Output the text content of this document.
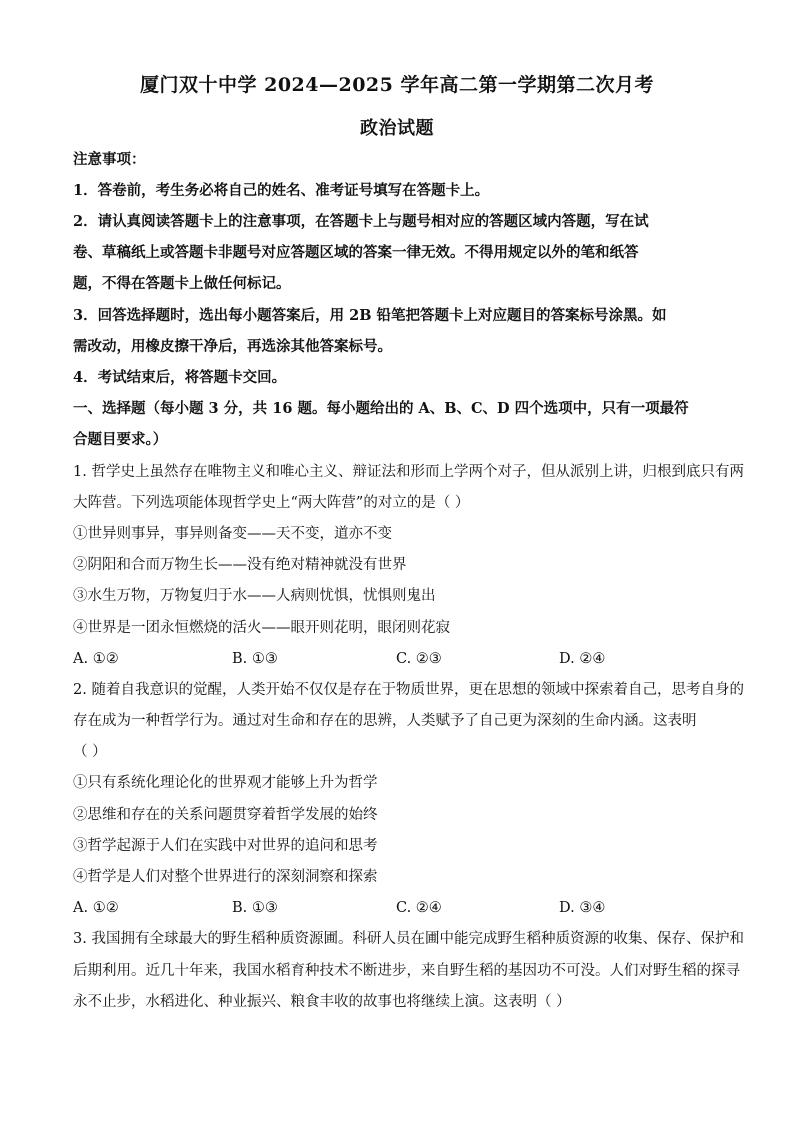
厦门双十中学 2024—2025 学年高二第一学期第二次月考
政治试题
注意事项：
1．答卷前，考生务必将自己的姓名、准考证号填写在答题卡上。
2．请认真阅读答题卡上的注意事项，在答题卡上与题号相对应的答题区域内答题，写在试
卷、草稿纸上或答题卡非题号对应答题区域的答案一律无效。不得用规定以外的笔和纸答
题，不得在答题卡上做任何标记。
3．回答选择题时，选出每小题答案后，用 2B 铅笔把答题卡上对应题目的答案标号涂黑。如
需改动，用橡皮擦干净后，再选涂其他答案标号。
4．考试结束后，将答题卡交回。
一、选择题（每小题 3 分，共 16 题。每小题给出的 A、B、C、D 四个选项中，只有一项最符
合题目要求。）
1. 哲学史上虽然存在唯物主义和唯心主义、辩证法和形而上学两个对子，但从派别上讲，归根到底只有两
大阵营。下列选项能体现哲学史上“两大阵营”的对立的是（ ）
①世异则事异，事异则备变——天不变，道亦不变
②阴阳和合而万物生长——没有绝对精神就没有世界
③水生万物，万物复归于水——人病则忧惧，忧惧则鬼出
④世界是一团永恒燃烧的活火——眼开则花明，眼闭则花寂
A. ①②	B. ①③	C. ②③	D. ②④
2. 随着自我意识的觉醒，人类开始不仅仅是存在于物质世界，更在思想的领域中探索着自己，思考自身的
存在成为一种哲学行为。通过对生命和存在的思辨，人类赋予了自己更为深刻的生命内涵。这表明
（ ）
①只有系统化理论化的世界观才能够上升为哲学
②思维和存在的关系问题贯穿着哲学发展的始终
③哲学起源于人们在实践中对世界的追问和思考
④哲学是人们对整个世界进行的深刻洞察和探索
A. ①②	B. ①③	C. ②④	D. ③④
3. 我国拥有全球最大的野生稻种质资源圃。科研人员在圃中能完成野生稻种质资源的收集、保存、保护和
后期利用。近几十年来，我国水稻育种技术不断进步，来自野生稻的基因功不可没。人们对野生稻的探寻
永不止步，水稻进化、种业振兴、粮食丰收的故事也将继续上演。这表明（ ）
